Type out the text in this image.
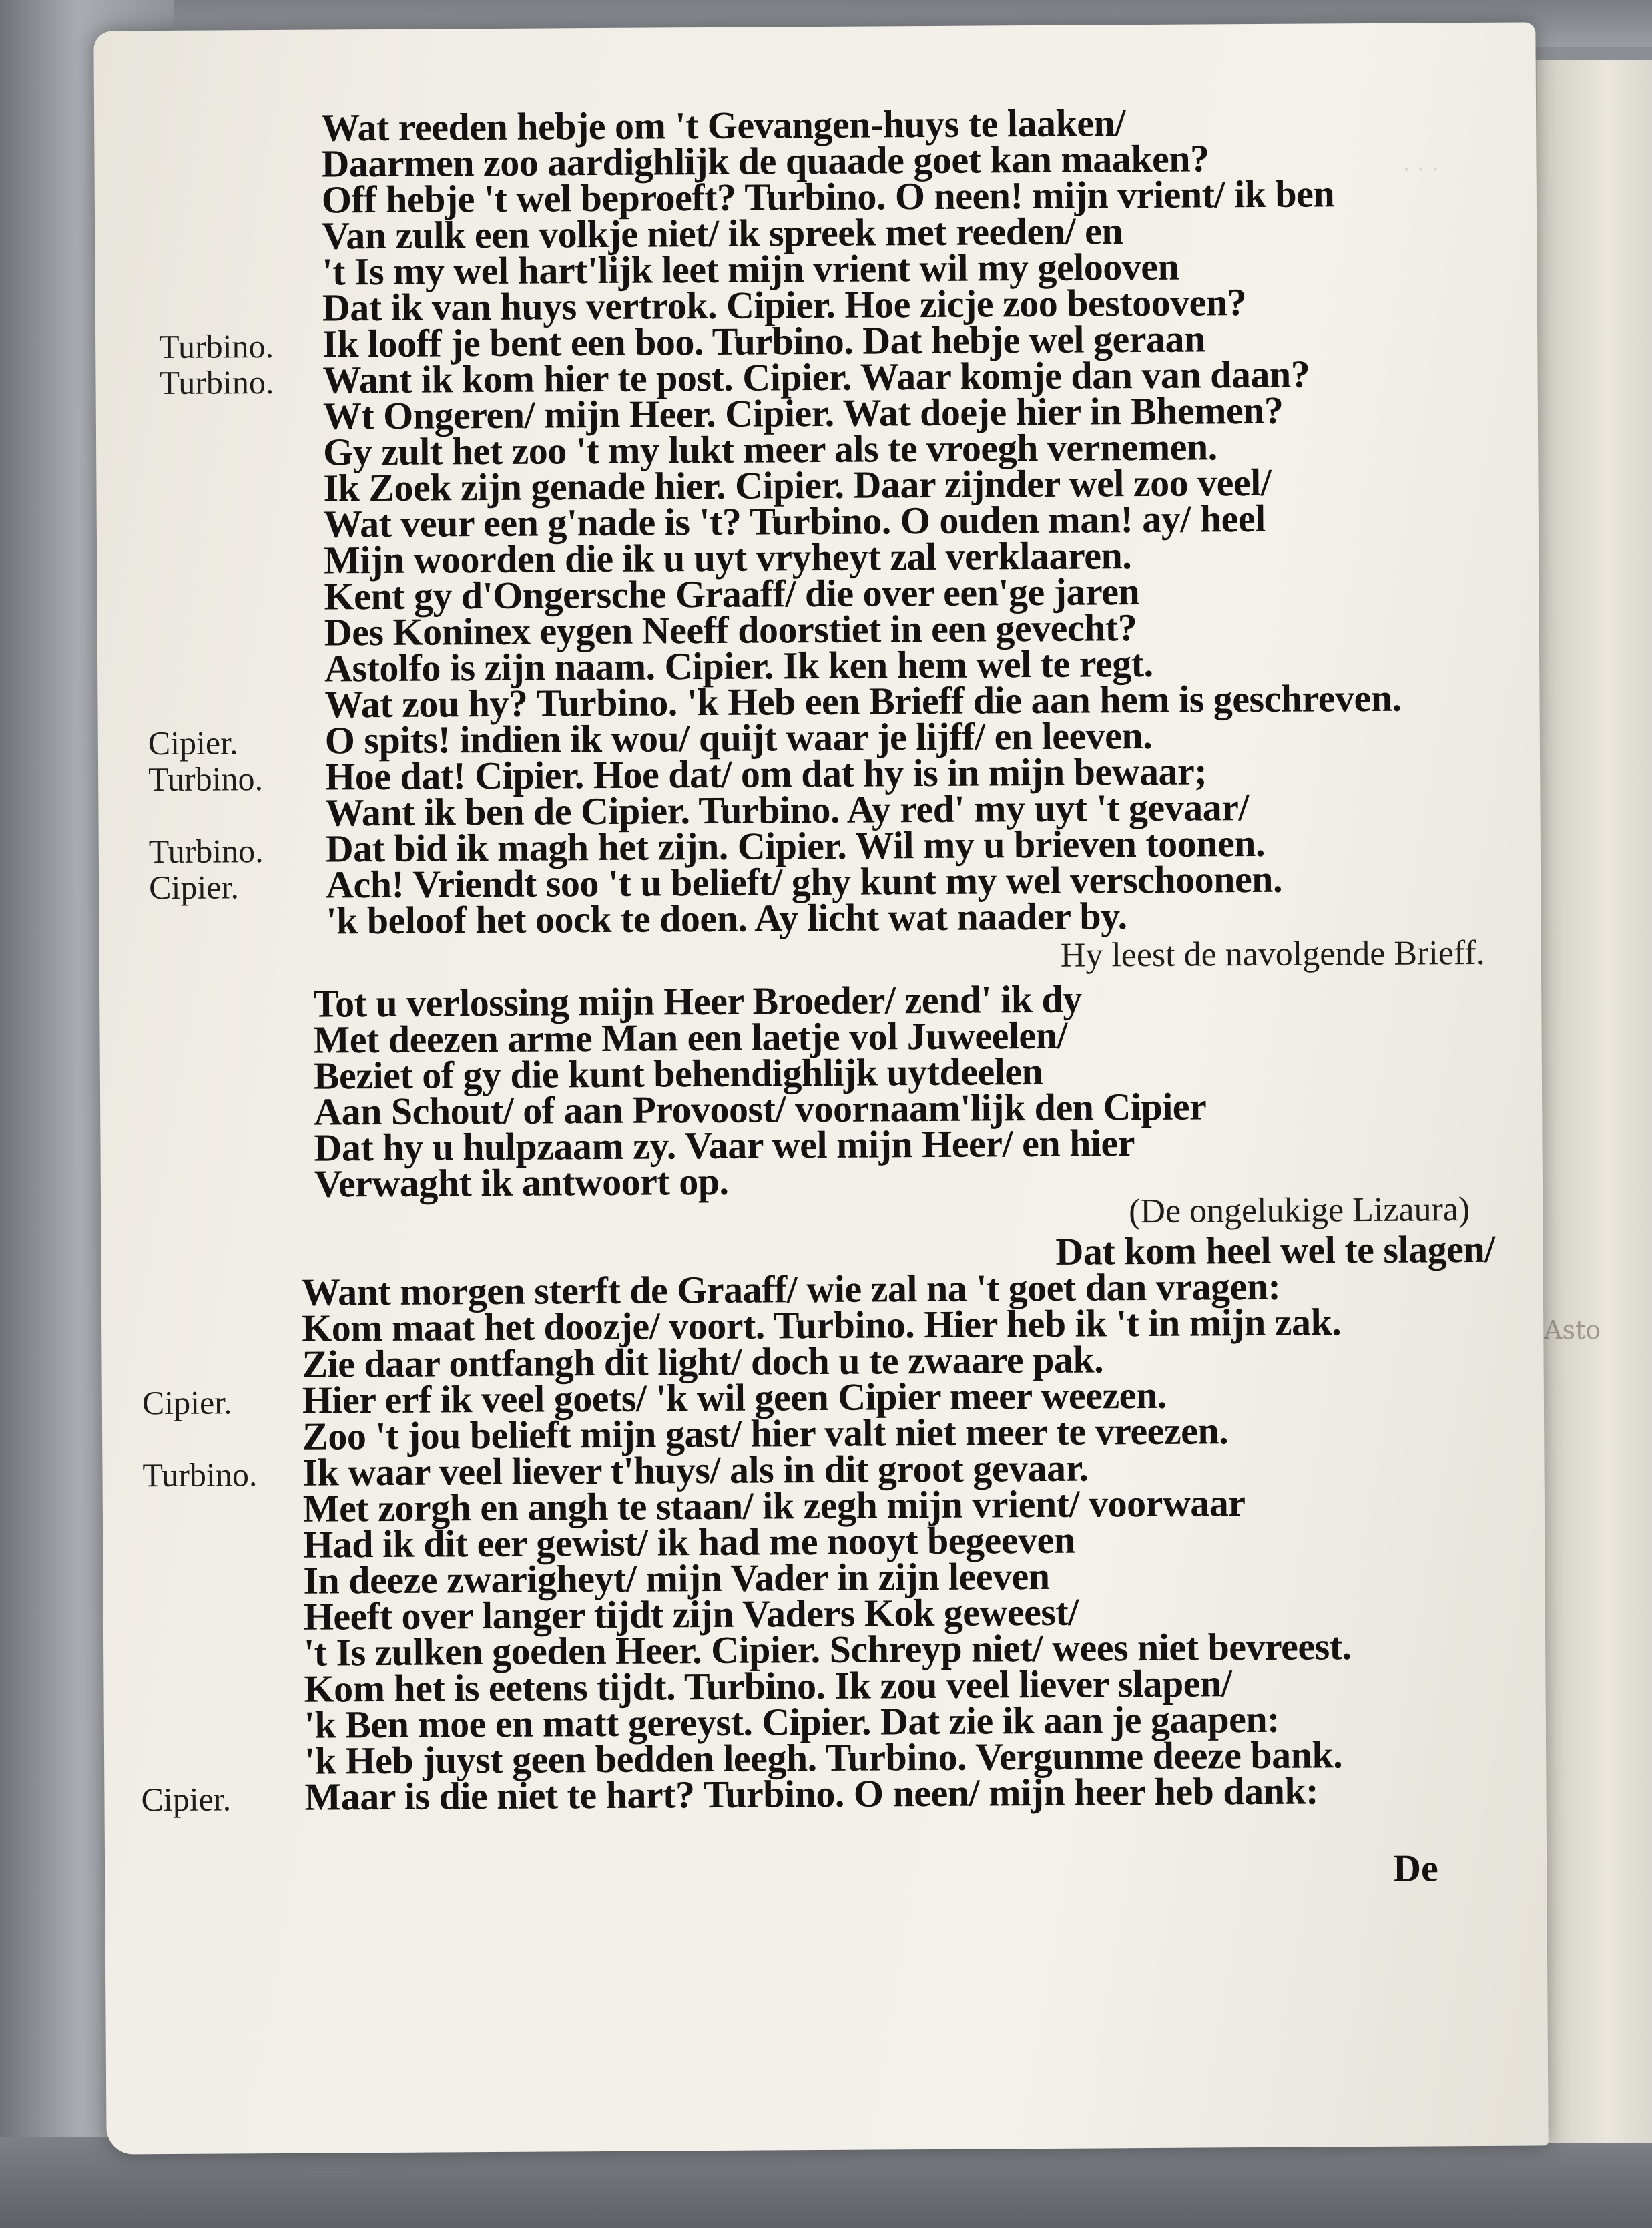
Asto
· · ·
Wat reeden hebje om 't Gevangen-huys te laaken/
Daarmen zoo aardighlijk de quaade goet kan maaken?
Off hebje 't wel beproeft? Turbino. O neen! mijn vrient/ ik ben
Van zulk een volkje niet/ ik spreek met reeden/ en
't Is my wel hart'lijk leet mijn vrient wil my gelooven
Dat ik van huys vertrok. Cipier. Hoe zicje zoo bestooven?
Ik looff je bent een boo. Turbino. Dat hebje wel geraan
Want ik kom hier te post. Cipier. Waar komje dan van daan?
Wt Ongeren/ mijn Heer. Cipier. Wat doeje hier in Bhemen?
Gy zult het zoo 't my lukt meer als te vroegh vernemen.
Ik Zoek zijn genade hier. Cipier. Daar zijnder wel zoo veel/
Wat veur een g'nade is 't? Turbino. O ouden man! ay/ heel
Mijn woorden die ik u uyt vryheyt zal verklaaren.
Kent gy d'Ongersche Graaff/ die over een'ge jaren
Des Koninex eygen Neeff doorstiet in een gevecht?
Astolfo is zijn naam. Cipier. Ik ken hem wel te regt.
Wat zou hy? Turbino. 'k Heb een Brieff die aan hem is geschreven.
O spits! indien ik wou/ quijt waar je lijff/ en leeven.
Hoe dat! Cipier. Hoe dat/ om dat hy is in mijn bewaar;
Want ik ben de Cipier. Turbino. Ay red' my uyt 't gevaar/
Dat bid ik magh het zijn. Cipier. Wil my u brieven toonen.
Ach! Vriendt soo 't u belieft/ ghy kunt my wel verschoonen.
'k beloof het oock te doen. Ay licht wat naader by.
Turbino.
Turbino.
Cipier.
Turbino.
Turbino.
Cipier.
Hy leest de navolgende Brieff.
Tot u verlossing mijn Heer Broeder/ zend' ik dy
Met deezen arme Man een laetje vol Juweelen/
Beziet of gy die kunt behendighlijk uytdeelen
Aan Schout/ of aan Provoost/ voornaam'lijk den Cipier
Dat hy u hulpzaam zy. Vaar wel mijn Heer/ en hier
Verwaght ik antwoort op.
(De ongelukige Lizaura)
Dat kom heel wel te slagen/
Want morgen sterft de Graaff/ wie zal na 't goet dan vragen:
Kom maat het doozje/ voort. Turbino. Hier heb ik 't in mijn zak.
Zie daar ontfangh dit light/ doch u te zwaare pak.
Hier erf ik veel goets/ 'k wil geen Cipier meer weezen.
Zoo 't jou belieft mijn gast/ hier valt niet meer te vreezen.
Ik waar veel liever t'huys/ als in dit groot gevaar.
Met zorgh en angh te staan/ ik zegh mijn vrient/ voorwaar
Had ik dit eer gewist/ ik had me nooyt begeeven
In deeze zwarigheyt/ mijn Vader in zijn leeven
Heeft over langer tijdt zijn Vaders Kok geweest/
't Is zulken goeden Heer. Cipier. Schreyp niet/ wees niet bevreest.
Kom het is eetens tijdt. Turbino. Ik zou veel liever slapen/
'k Ben moe en matt gereyst. Cipier. Dat zie ik aan je gaapen:
'k Heb juyst geen bedden leegh. Turbino. Vergunme deeze bank.
Maar is die niet te hart? Turbino. O neen/ mijn heer heb dank:
Cipier.
Turbino.
Cipier.
De
